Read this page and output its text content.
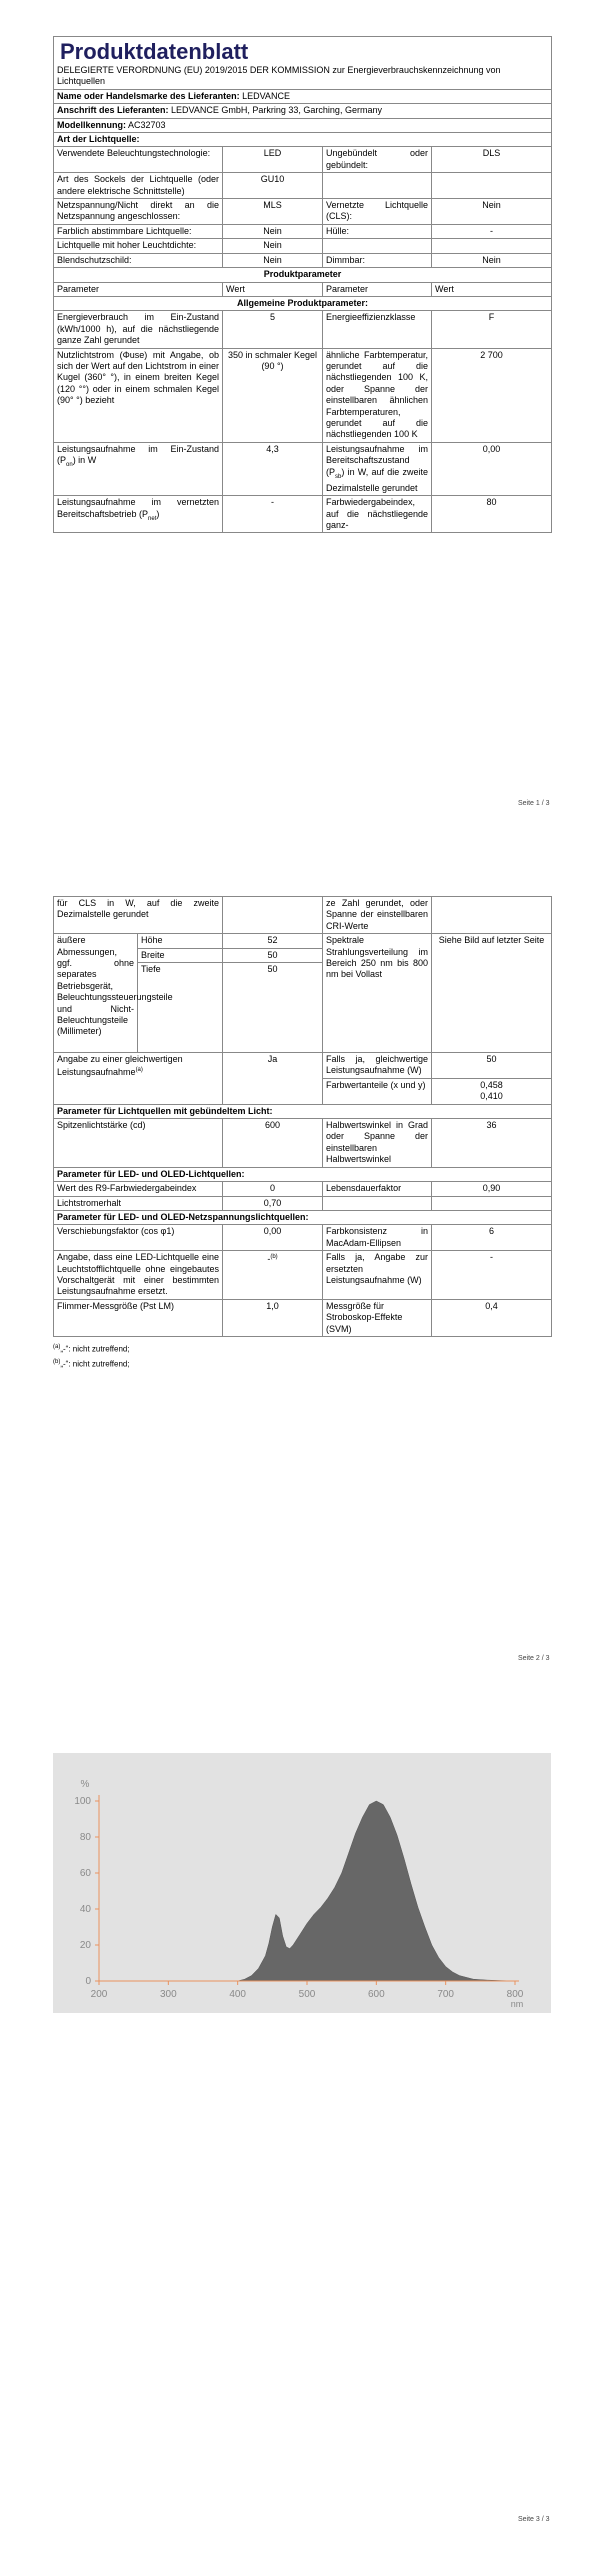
Produktdatenblatt
DELEGIERTE VERORDNUNG (EU) 2019/2015 DER KOMMISSION zur Energieverbrauchskennzeichnung von Lichtquellen			

Name oder Handelsmarke des Lieferanten: LEDVANCE			
Anschrift des Lieferanten: LEDVANCE GmbH, Parkring 33, Garching, Germany			
Modellkennung: AC32703			
Art der Lichtquelle:			
Verwendete Beleuchtungstechnologie:	LED	Ungebündelt oder gebündelt:	DLS
Art des Sockels der Lichtquelle (oder andere elektrische Schnittstelle)	GU10		
Netzspannung/Nicht direkt an die Netzspannung angeschlossen:	MLS	Vernetzte Lichtquelle (CLS):	Nein
Farblich abstimmbare Lichtquelle:	Nein	Hülle:	-
Lichtquelle mit hoher Leuchtdichte:	Nein		
Blendschutzschild:	Nein	Dimmbar:	Nein
Produktparameter			
Parameter	Wert	Parameter	Wert
Allgemeine Produktparameter:			
Energieverbrauch im Ein-Zustand (kWh/1000 h), auf die nächstliegende ganze Zahl gerundet	5	Energieeffizienzklasse	F
Nutzlichtstrom (Φuse) mit Angabe, ob sich der Wert auf den Lichtstrom in einer Kugel (360° °), in einem breiten Kegel (120 °°) oder in einem schmalen Kegel (90° °) bezieht	350 in schmaler Kegel (90 °)	ähnliche Farbtemperatur, gerundet auf die nächstliegenden 100 K, oder Spanne der einstellbaren ähnlichen Farbtemperaturen, gerundet auf die nächstliegenden 100 K	2 700
Leistungsaufnahme im Ein-Zustand $(P_{on})$ in W	4,3	Leistungsaufnahme im Bereitschaftszustand $(P_{sb})$ in W, auf die zweite Dezimalstelle gerundet	0,00
Leistungsaufnahme im vernetzten Bereitschaftsbetrieb $(P_{net})$	-	Farbwiedergabeindex, auf die nächstliegende ganz-	80
Seite 1 / 3
für CLS in W, auf die zweite Dezimalstelle gerundet			ze Zahl gerundet, oder Spanne der einstellbaren CRI-Werte	
äußere Abmessungen, ggf. ohne separates Betriebsgerät, Beleuchtungssteuerungsteile und Nicht-Beleuchtungsteile (Millimeter)	Höhe	52	Spektrale Strahlungsverteilung im Bereich 250 nm bis 800 nm bei Vollast	Siehe Bild auf letzter Seite
	Breite	50		
	Tiefe	50		
Angabe zu einer gleichwertigen Leistungsaufnahme$^{(a)}$		Ja	Falls ja, gleichwertige Leistungsaufnahme (W)	50
			Farbwertanteile (x und y)	0,458
0,410

Parameter für Lichtquellen mit gebündeltem Licht:				
Spitzenlichtstärke (cd)		600	Halbwertswinkel in Grad oder Spanne der einstellbaren Halbwertswinkel	36
Parameter für LED- und OLED-Lichtquellen:				
Wert des R9-Farbwiedergabeindex		0	Lebensdauerfaktor	0,90
Lichtstromerhalt		0,70		
Parameter für LED- und OLED-Netzspannungslichtquellen:				
Verschiebungsfaktor (cos φ1)		0,00	Farbkonsistenz in MacAdam-Ellipsen	6
Angabe, dass eine LED-Lichtquelle eine Leuchtstofflichtquelle ohne eingebautes Vorschaltgerät mit einer bestimmten Leistungsaufnahme ersetzt.		-$^{(b)}$	Falls ja, Angabe zur ersetzten Leistungsaufnahme (W)	-
Flimmer-Messgröße (Pst LM)		1,0	Messgröße für Stroboskop-Effekte (SVM)	0,4
$^{(a)}$„-“: nicht zutreffend;
$^{(b)}$„-“: nicht zutreffend;
Seite 2 / 3
0
20
40
60
80
100
200	300	400	500	600	700	800
%
nm
Seite 3 / 3
